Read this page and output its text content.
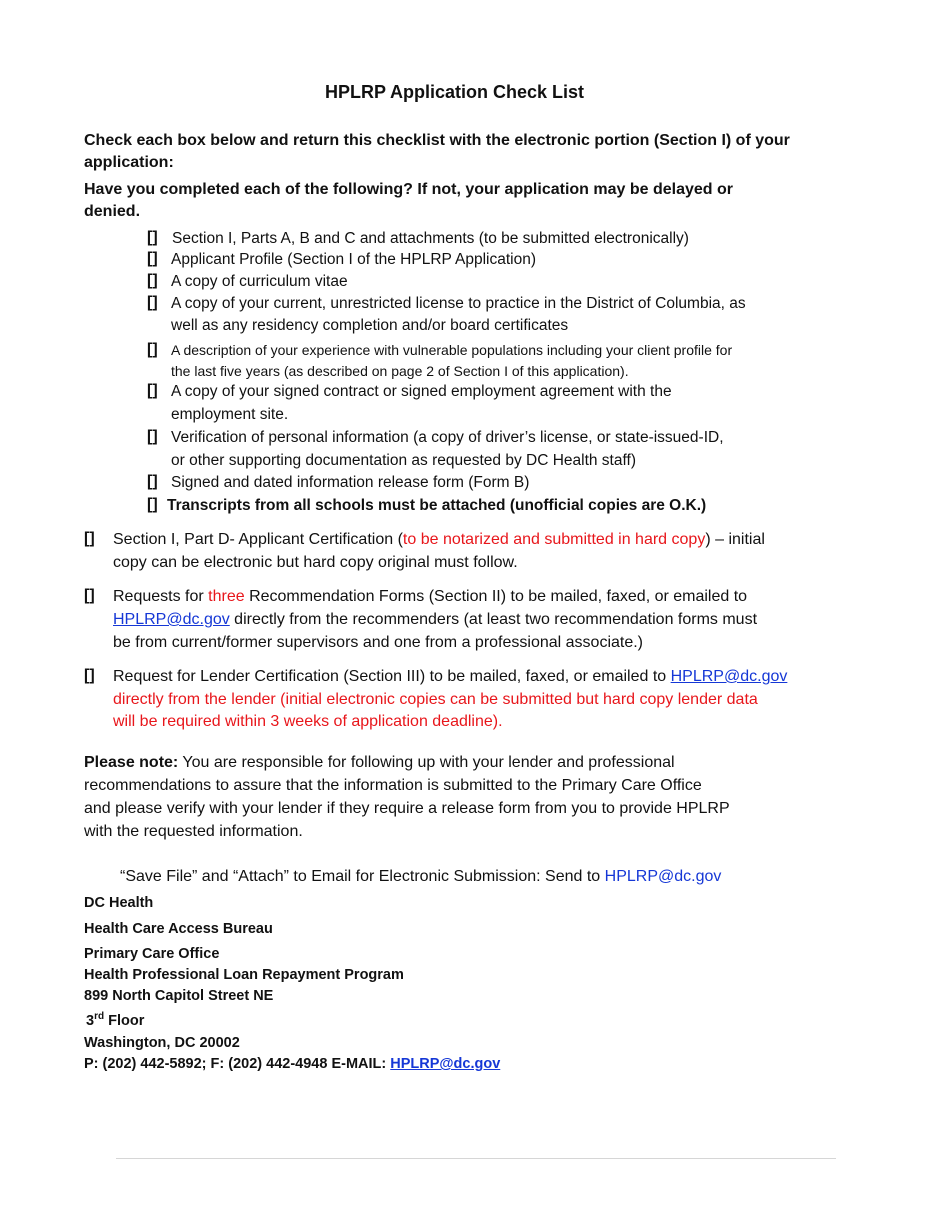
HPLRP Application Check List
Check each box below and return this checklist with the electronic portion (Section I) of your
application:
Have you completed each of the following? If not, your application may be delayed or
denied.
[] Section I, Parts A, B and C and attachments (to be submitted electronically)
[] Applicant Profile (Section I of the HPLRP Application)
[] A copy of curriculum vitae
[] A copy of your current, unrestricted license to practice in the District of Columbia, as
well as any residency completion and/or board certificates
[] A description of your experience with vulnerable populations including your client profile for
the last five years (as described on page 2 of Section I of this application).
[] A copy of your signed contract or signed employment agreement with the
employment site.
[] Verification of personal information (a copy of driver’s license, or state-issued-ID,
or other supporting documentation as requested by DC Health staff)
[] Signed and dated information release form (Form B)
[] Transcripts from all schools must be attached (unofficial copies are O.K.)
[] Section I, Part D- Applicant Certification (to be notarized and submitted in hard copy) – initial
copy can be electronic but hard copy original must follow.
[] Requests for three Recommendation Forms (Section II) to be mailed, faxed, or emailed to
HPLRP@dc.gov directly from the recommenders (at least two recommendation forms must
be from current/former supervisors and one from a professional associate.)
[] Request for Lender Certification (Section III) to be mailed, faxed, or emailed to HPLRP@dc.gov
directly from the lender (initial electronic copies can be submitted but hard copy lender data
will be required within 3 weeks of application deadline).
Please note: You are responsible for following up with your lender and professional
recommendations to assure that the information is submitted to the Primary Care Office
and please verify with your lender if they require a release form from you to provide HPLRP
with the requested information.
“Save File” and “Attach” to Email for Electronic Submission: Send to HPLRP@dc.gov
DC Health
Health Care Access Bureau
Primary Care Office
Health Professional Loan Repayment Program
899 North Capitol Street NE
3rd Floor
Washington, DC 20002
P: (202) 442-5892; F: (202) 442-4948 E-MAIL: HPLRP@dc.gov
